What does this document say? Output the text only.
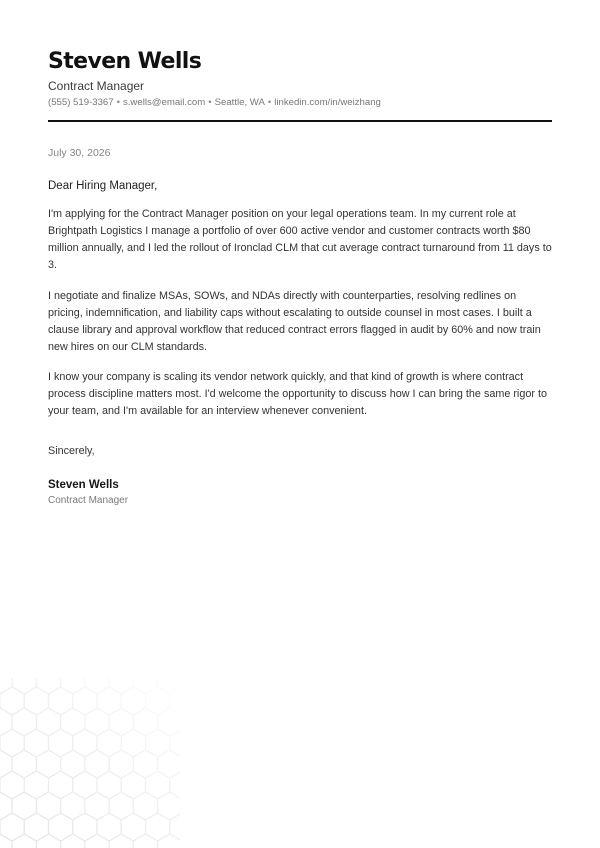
Steven Wells
Contract Manager
(555) 519-3367 • s.wells@email.com • Seattle, WA • linkedin.com/in/weizhang
July 30, 2026
Dear Hiring Manager,

I'm applying for the Contract Manager position on your legal operations team. In my current role at Brightpath Logistics I manage a portfolio of over 600 active vendor and customer contracts worth $80 million annually, and I led the rollout of Ironclad CLM that cut average contract turnaround from 11 days to 3.

I negotiate and finalize MSAs, SOWs, and NDAs directly with counterparties, resolving redlines on pricing, indemnification, and liability caps without escalating to outside counsel in most cases. I built a clause library and approval workflow that reduced contract errors flagged in audit by 60% and now train new hires on our CLM standards.

I know your company is scaling its vendor network quickly, and that kind of growth is where contract process discipline matters most. I'd welcome the opportunity to discuss how I can bring the same rigor to your team, and I'm available for an interview whenever convenient.

Sincerely,
Steven Wells
Contract Manager
